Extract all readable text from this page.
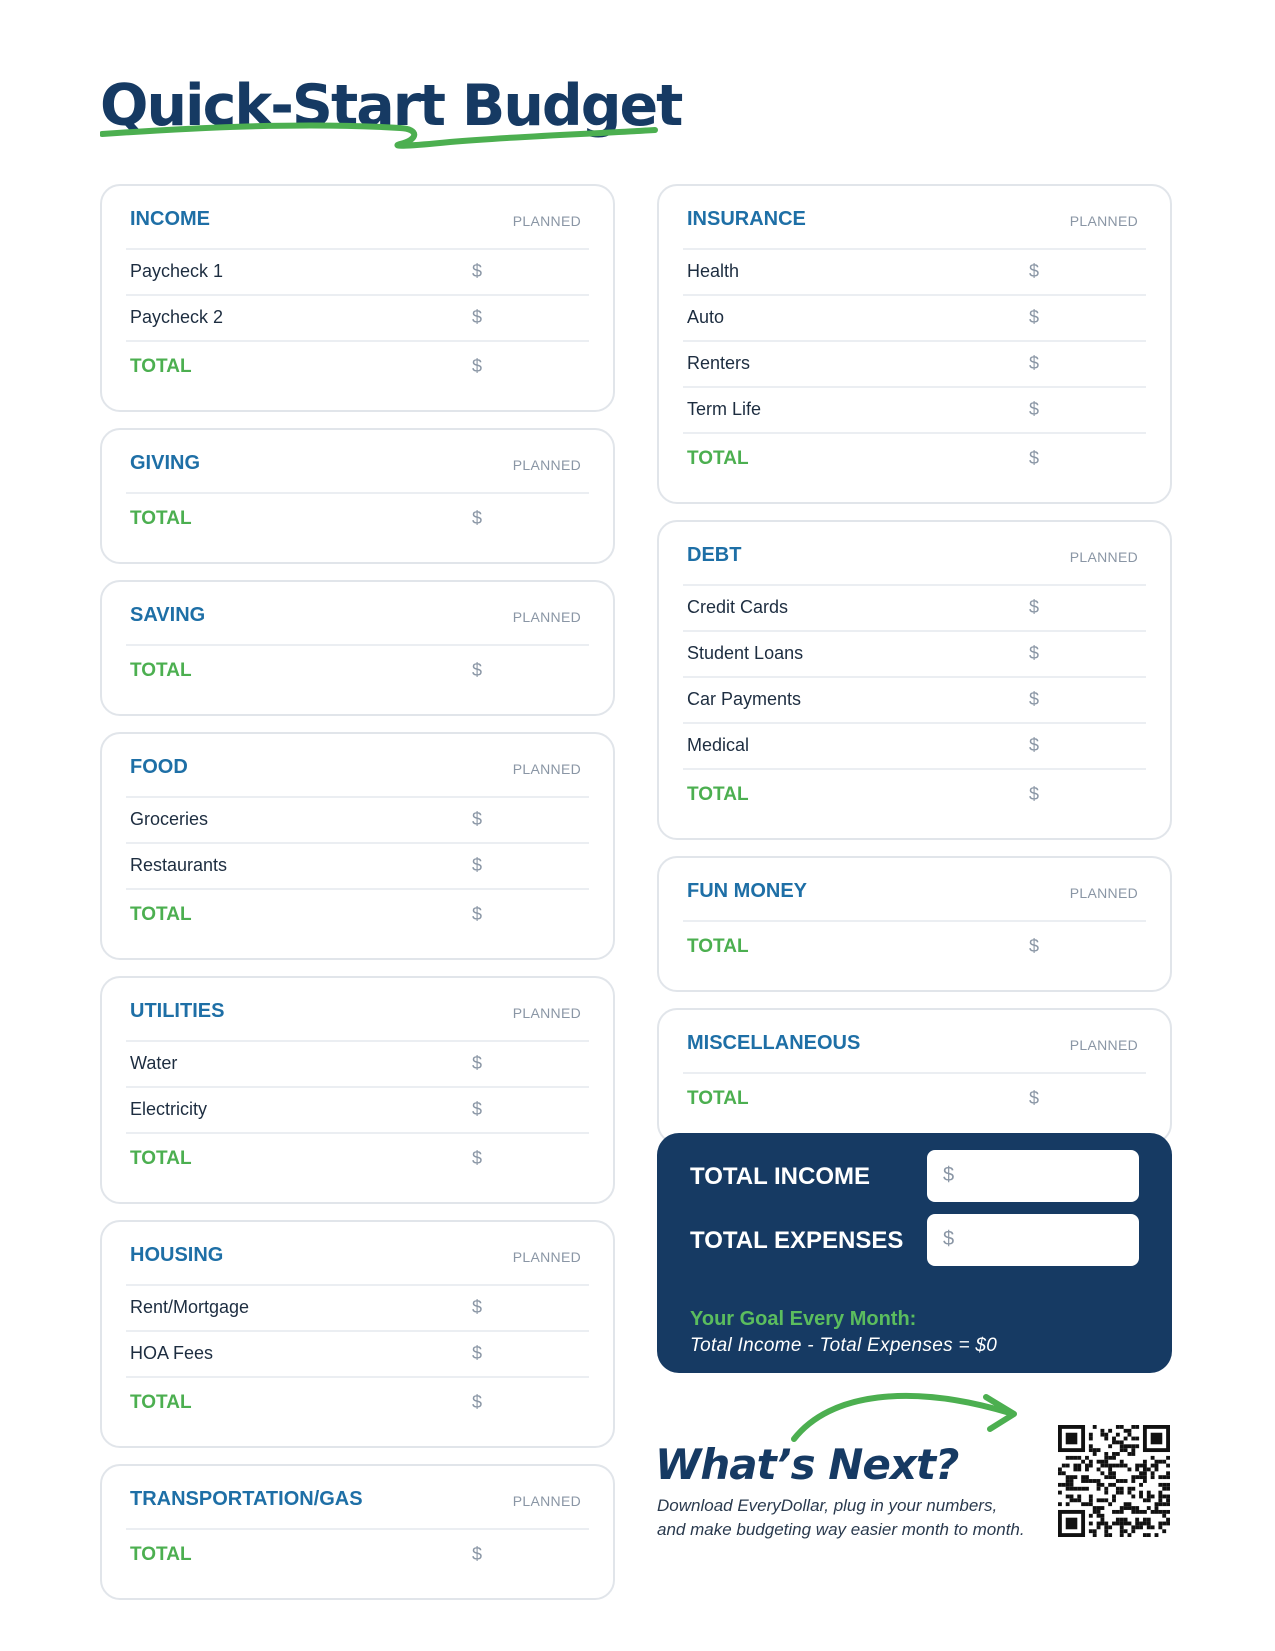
Quick-Start Budget
INCOME	PLANNED
Paycheck 1	$
Paycheck 2	$
TOTAL	$
GIVING	PLANNED
TOTAL	$
SAVING	PLANNED
TOTAL	$
FOOD	PLANNED
Groceries	$
Restaurants	$
TOTAL	$
UTILITIES	PLANNED
Water	$
Electricity	$
TOTAL	$
HOUSING	PLANNED
Rent/Mortgage	$
HOA Fees	$
TOTAL	$
TRANSPORTATION/GAS	PLANNED
TOTAL	$
INSURANCE	PLANNED
Health	$
Auto	$
Renters	$
Term Life	$
TOTAL	$
DEBT	PLANNED
Credit Cards	$
Student Loans	$
Car Payments	$
Medical	$
TOTAL	$
FUN MONEY	PLANNED
TOTAL	$
MISCELLANEOUS	PLANNED
TOTAL	$
TOTAL INCOME	$
TOTAL EXPENSES $
Your Goal Every Month:
Total Income - Total Expenses = $0
What’s Next?
Download EveryDollar, plug in your numbers,
and make budgeting way easier month to month.
